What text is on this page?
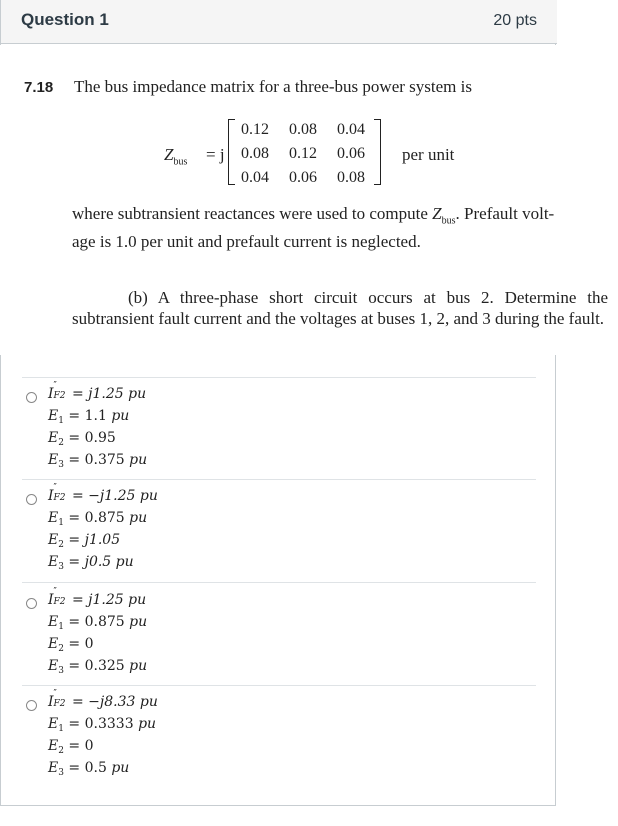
Question 1	20 pts
7.18 The bus impedance matrix for a three-bus power system is
$Z_{bus} = j$
0.12	0.08	0.04
0.08	0.12	0.06
0.04	0.06	0.08
per unit
where subtransient reactances were used to compute $Z_{bus}$. Prefault volt-
age is 1.0 per unit and prefault current is neglected.
(b) A three-phase short circuit occurs at bus 2. Determine the subtransient fault current and the voltages at buses 1, 2, and 3 during the fault.
I ″
F2 = j1.25 pu
$E_1 = 1.1$ pu
$E_2 = 0.95$
$E_3 = 0.375$ pu
I ″
F2 = −j1.25 pu
$E_1 = 0.875$ pu
$E_2 = j1.05$
$E_3 = j0.5$ pu
I ″
F2 = j1.25 pu
$E_1 = 0.875$ pu
$E_2 = 0$
$E_3 = 0.325$ pu
I ″
F2 = −j8.33 pu
$E_1 = 0.3333$ pu
$E_2 = 0$
$E_3 = 0.5$ pu
